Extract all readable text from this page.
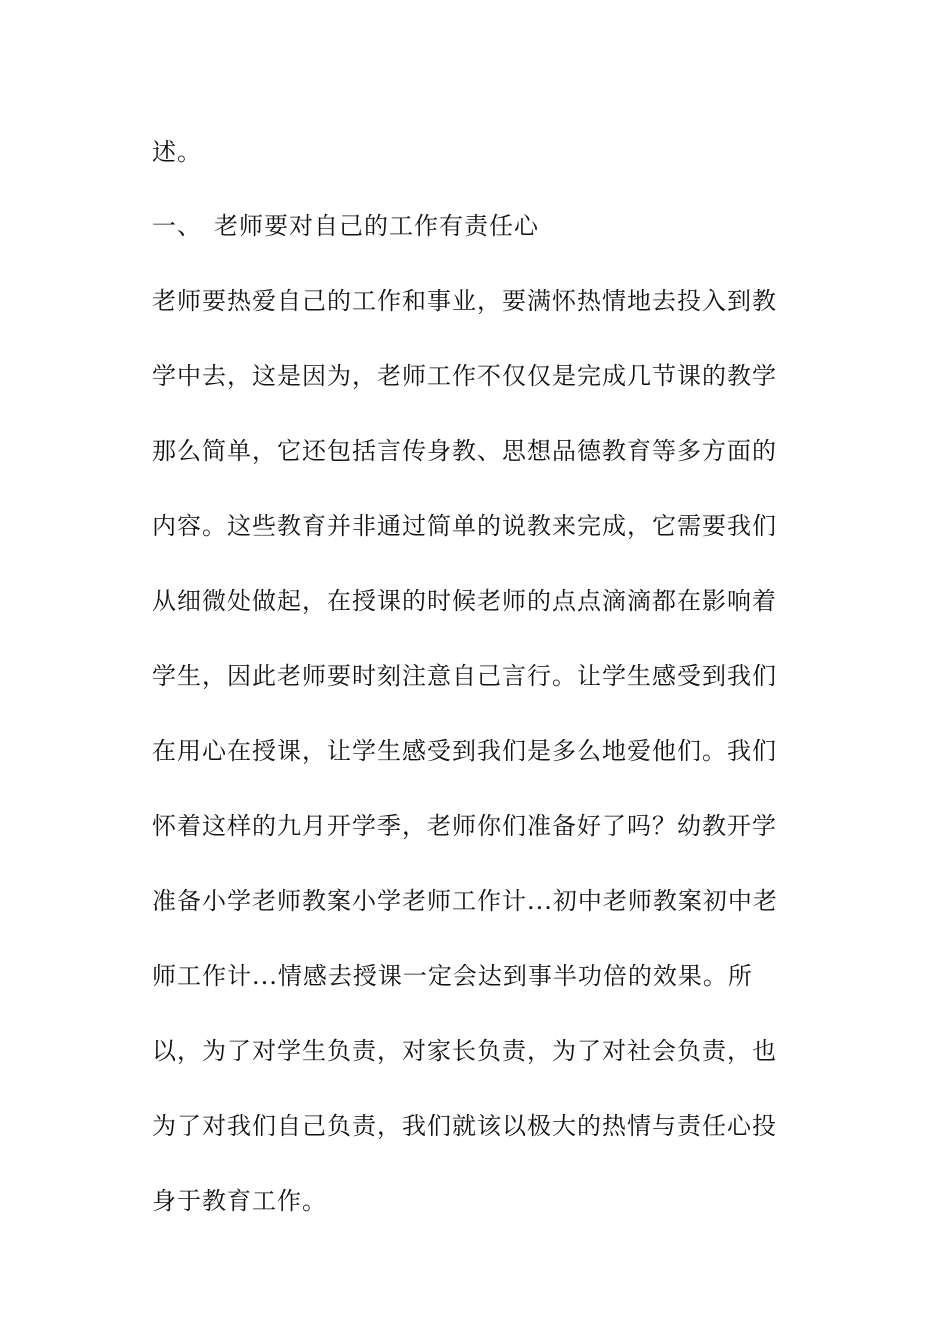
述。
一、 老师要对自己的工作有责任心
老师要热爱自己的工作和事业，要满怀热情地去投入到教
学中去，这是因为，老师工作不仅仅是完成几节课的教学
那么简单，它还包括言传身教、思想品德教育等多方面的
内容。这些教育并非通过简单的说教来完成，它需要我们
从细微处做起，在授课的时候老师的点点滴滴都在影响着
学生，因此老师要时刻注意自己言行。让学生感受到我们
在用心在授课，让学生感受到我们是多么地爱他们。我们
怀着这样的九月开学季，老师你们准备好了吗？幼教开学
准备小学老师教案小学老师工作计...初中老师教案初中老
师工作计...情感去授课一定会达到事半功倍的效果。所
以，为了对学生负责，对家长负责，为了对社会负责，也
为了对我们自己负责，我们就该以极大的热情与责任心投
身于教育工作。
